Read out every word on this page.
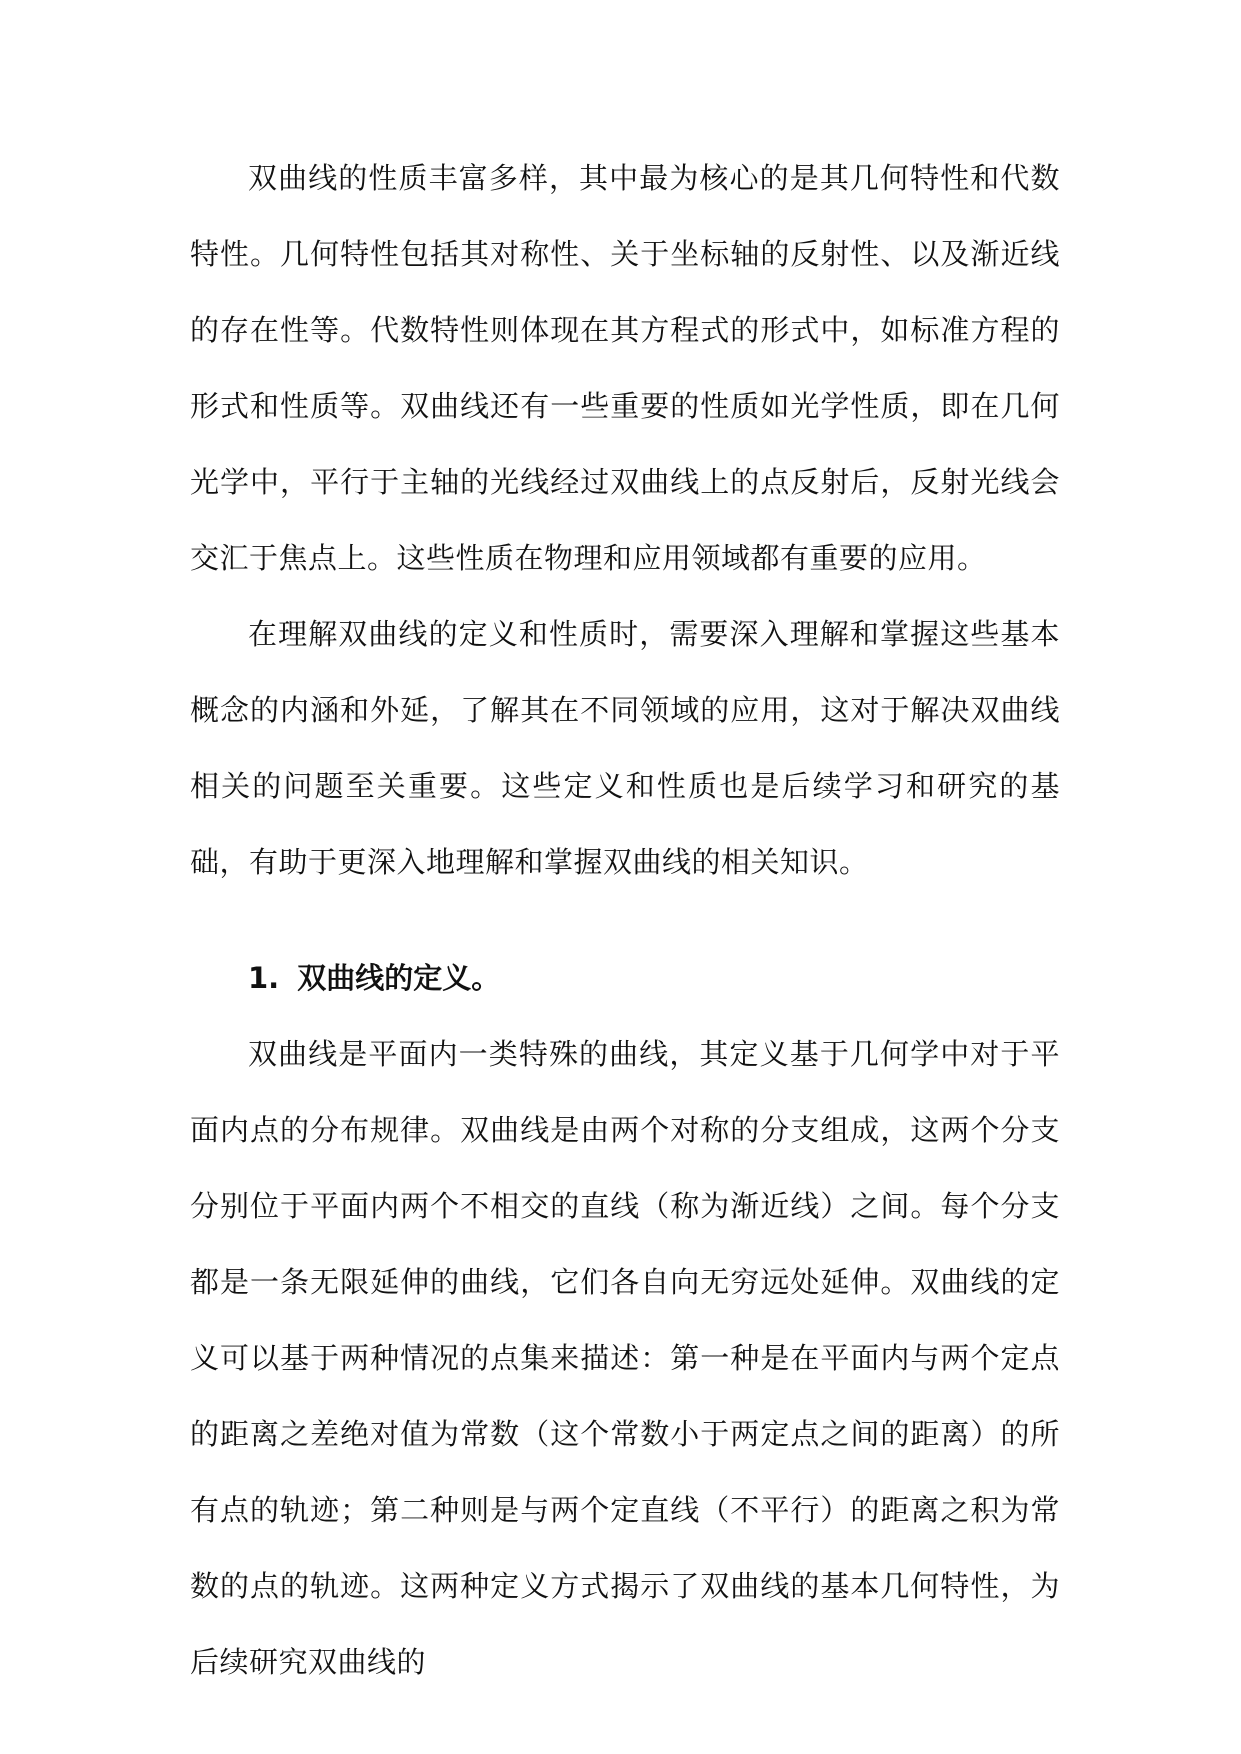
双曲线的性质丰富多样，其中最为核心的是其几何特性和代数特性。几何特性包括其对称性、关于坐标轴的反射性、以及渐近线的存在性等。代数特性则体现在其方程式的形式中，如标准方程的形式和性质等。双曲线还有一些重要的性质如光学性质，即在几何光学中，平行于主轴的光线经过双曲线上的点反射后，反射光线会交汇于焦点上。这些性质在物理和应用领域都有重要的应用。

在理解双曲线的定义和性质时，需要深入理解和掌握这些基本概念的内涵和外延，了解其在不同领域的应用，这对于解决双曲线相关的问题至关重要。这些定义和性质也是后续学习和研究的基础，有助于更深入地理解和掌握双曲线的相关知识。

1. 双曲线的定义。

双曲线是平面内一类特殊的曲线，其定义基于几何学中对于平面内点的分布规律。双曲线是由两个对称的分支组成，这两个分支分别位于平面内两个不相交的直线（称为渐近线）之间。每个分支都是一条无限延伸的曲线，它们各自向无穷远处延伸。双曲线的定义可以基于两种情况的点集来描述：第一种是在平面内与两个定点的距离之差绝对值为常数（这个常数小于两定点之间的距离）的所有点的轨迹；第二种则是与两个定直线（不平行）的距离之积为常数的点的轨迹。这两种定义方式揭示了双曲线的基本几何特性，为后续研究双曲线的
